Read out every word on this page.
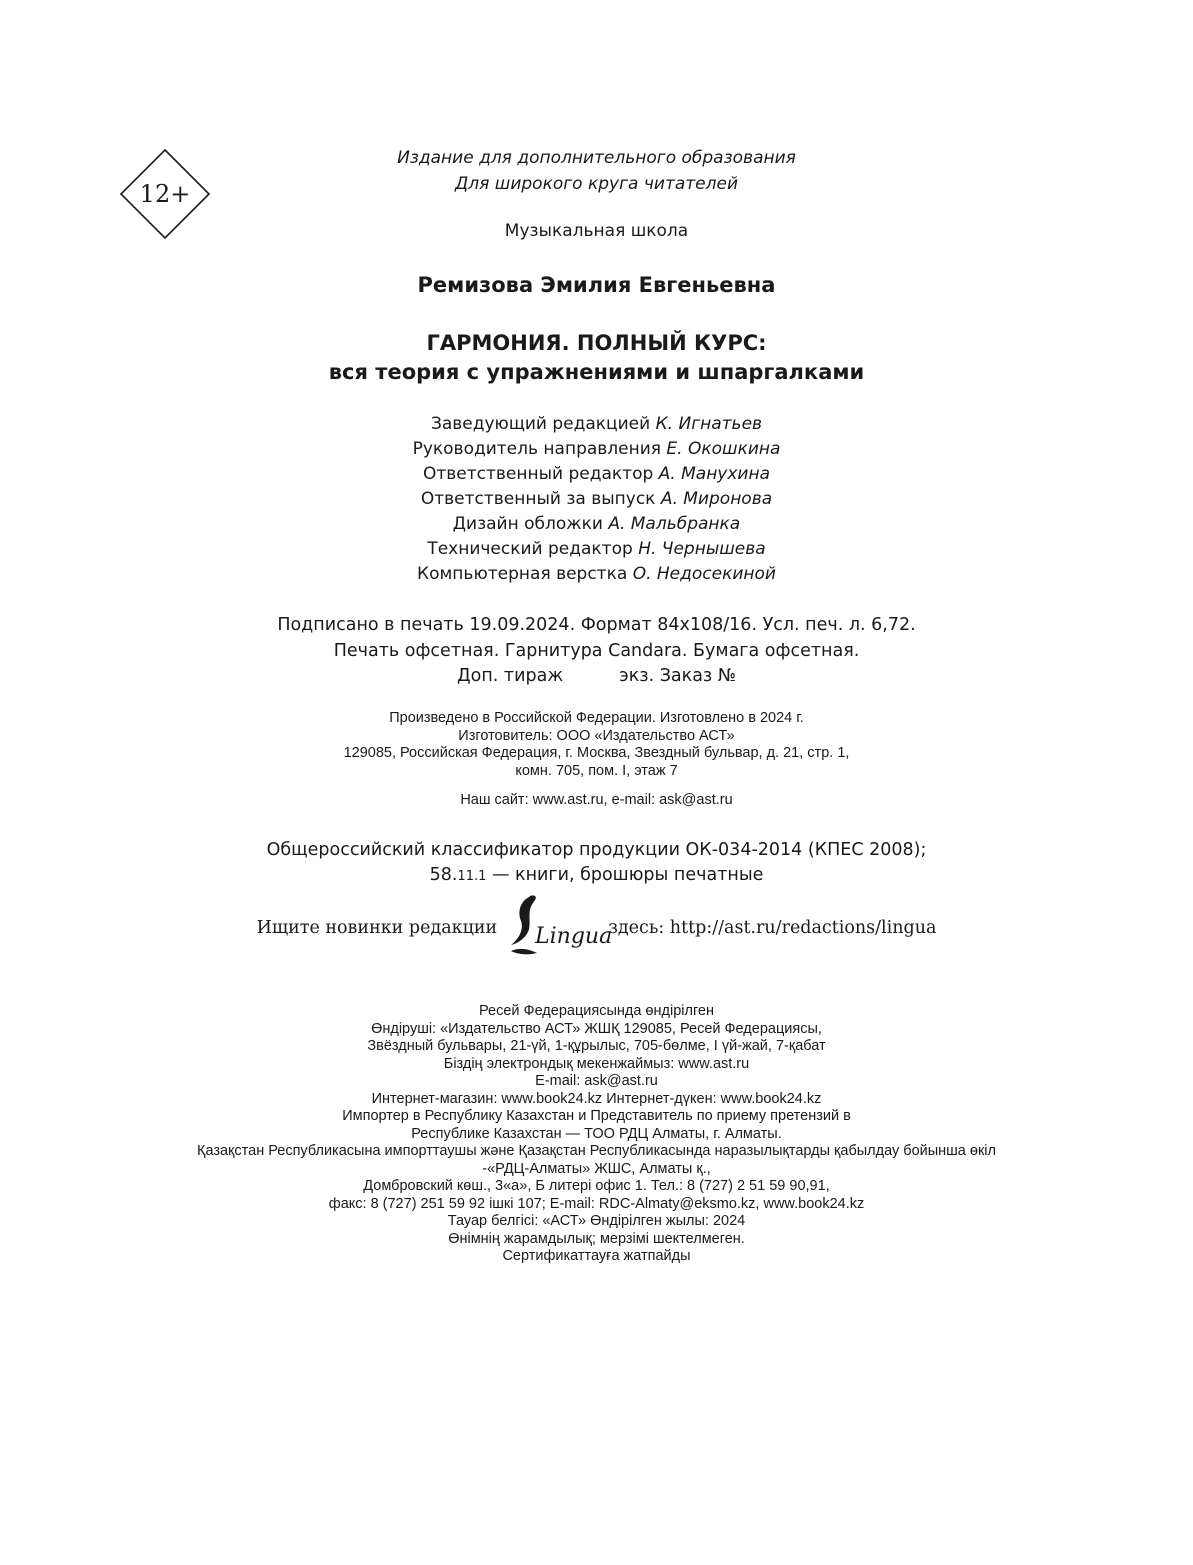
12+
Издание для дополнительного образования
Для широкого круга читателей
Музыкальная школа
Ремизова Эмилия Евгеньевна
ГАРМОНИЯ. ПОЛНЫЙ КУРС:
вся теория с упражнениями и шпаргалками
Заведующий редакцией К. Игнатьев
Руководитель направления Е. Окошкина
Ответственный редактор А. Манухина
Ответственный за выпуск А. Миронова
Дизайн обложки А. Мальбранка
Технический редактор Н. Чернышева
Компьютерная верстка О. Недосекиной
Подписано в печать 19.09.2024. Формат 84х108/16. Усл. печ. л. 6,72.
Печать офсетная. Гарнитура Candara. Бумага офсетная.
Доп. тираж	экз. Заказ №
Произведено в Российской Федерации. Изготовлено в 2024 г.
Изготовитель: ООО «Издательство АСТ»
129085, Российская Федерация, г. Москва, Звездный бульвар, д. 21, стр. 1,
комн. 705, пом. I, этаж 7
Наш сайт: www.ast.ru, e-mail: ask@ast.ru
Общероссийский классификатор продукции ОК-034-2014 (КПЕС 2008);
58.11.1 — книги, брошюры печатные
Ищите новинки редакции Lingua
здесь: http://ast.ru/redactions/lingua
Ресей Федерациясында өндірілген
Өндіруші: «Издательство АСТ» ЖШҚ 129085, Ресей Федерациясы,
Звёздный бульвары, 21-үй, 1-құрылыс, 705-бөлме, I үй-жай, 7-қабат
Біздің электрондық мекенжаймыз: www.ast.ru
E-mail: ask@ast.ru
Интернет-магазин: www.book24.kz Интернет-дүкен: www.book24.kz
Импортер в Республику Казахстан и Представитель по приему претензий в
Республике Казахстан — ТОО РДЦ Алматы, г. Алматы.
Қазақстан Республикасына импорттаушы және Қазақстан Республикасында наразылықтарды қабылдау бойынша өкіл
-«РДЦ-Алматы» ЖШС, Алматы қ.,
Домбровский көш., 3«а», Б литері офис 1. Тел.: 8 (727) 2 51 59 90,91,
факс: 8 (727) 251 59 92 ішкі 107; E-mail: RDC-Almaty@eksmo.kz, www.book24.kz
Тауар белгісі: «АСТ» Өндірілген жылы: 2024
Өнімнің жарамдылық; мерзімі шектелмеген.
Сертификаттауға жатпайды
